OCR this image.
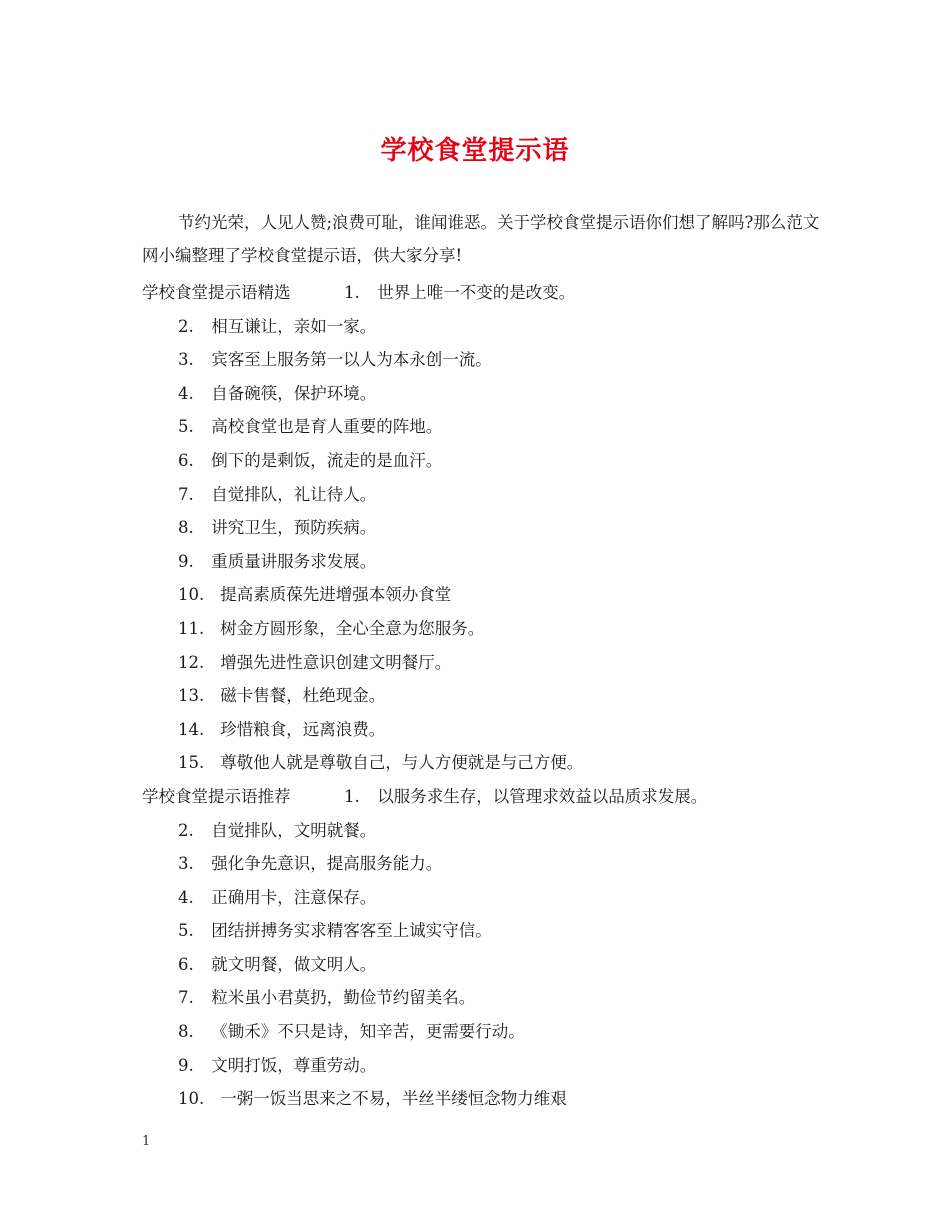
学校食堂提示语
节约光荣，人见人赞;浪费可耻，谁闻谁恶。关于学校食堂提示语你们想了解吗?那么范文网小编整理了学校食堂提示语，供大家分享!
学校食堂提示语精选	1. 世界上唯一不变的是改变。
2. 相互谦让，亲如一家。
3. 宾客至上服务第一以人为本永创一流。
4. 自备碗筷，保护环境。
5. 高校食堂也是育人重要的阵地。
6. 倒下的是剩饭，流走的是血汗。
7. 自觉排队，礼让待人。
8. 讲究卫生，预防疾病。
9. 重质量讲服务求发展。
10. 提高素质葆先进增强本领办食堂
11. 树金方圆形象，全心全意为您服务。
12. 增强先进性意识创建文明餐厅。
13. 磁卡售餐，杜绝现金。
14. 珍惜粮食，远离浪费。
15. 尊敬他人就是尊敬自己，与人方便就是与己方便。
学校食堂提示语推荐	1. 以服务求生存，以管理求效益以品质求发展。
2. 自觉排队，文明就餐。
3. 强化争先意识，提高服务能力。
4. 正确用卡，注意保存。
5. 团结拼搏务实求精客客至上诚实守信。
6. 就文明餐，做文明人。
7. 粒米虽小君莫扔，勤俭节约留美名。
8. 《锄禾》不只是诗，知辛苦，更需要行动。
9. 文明打饭，尊重劳动。
10. 一粥一饭当思来之不易，半丝半缕恒念物力维艰
1
